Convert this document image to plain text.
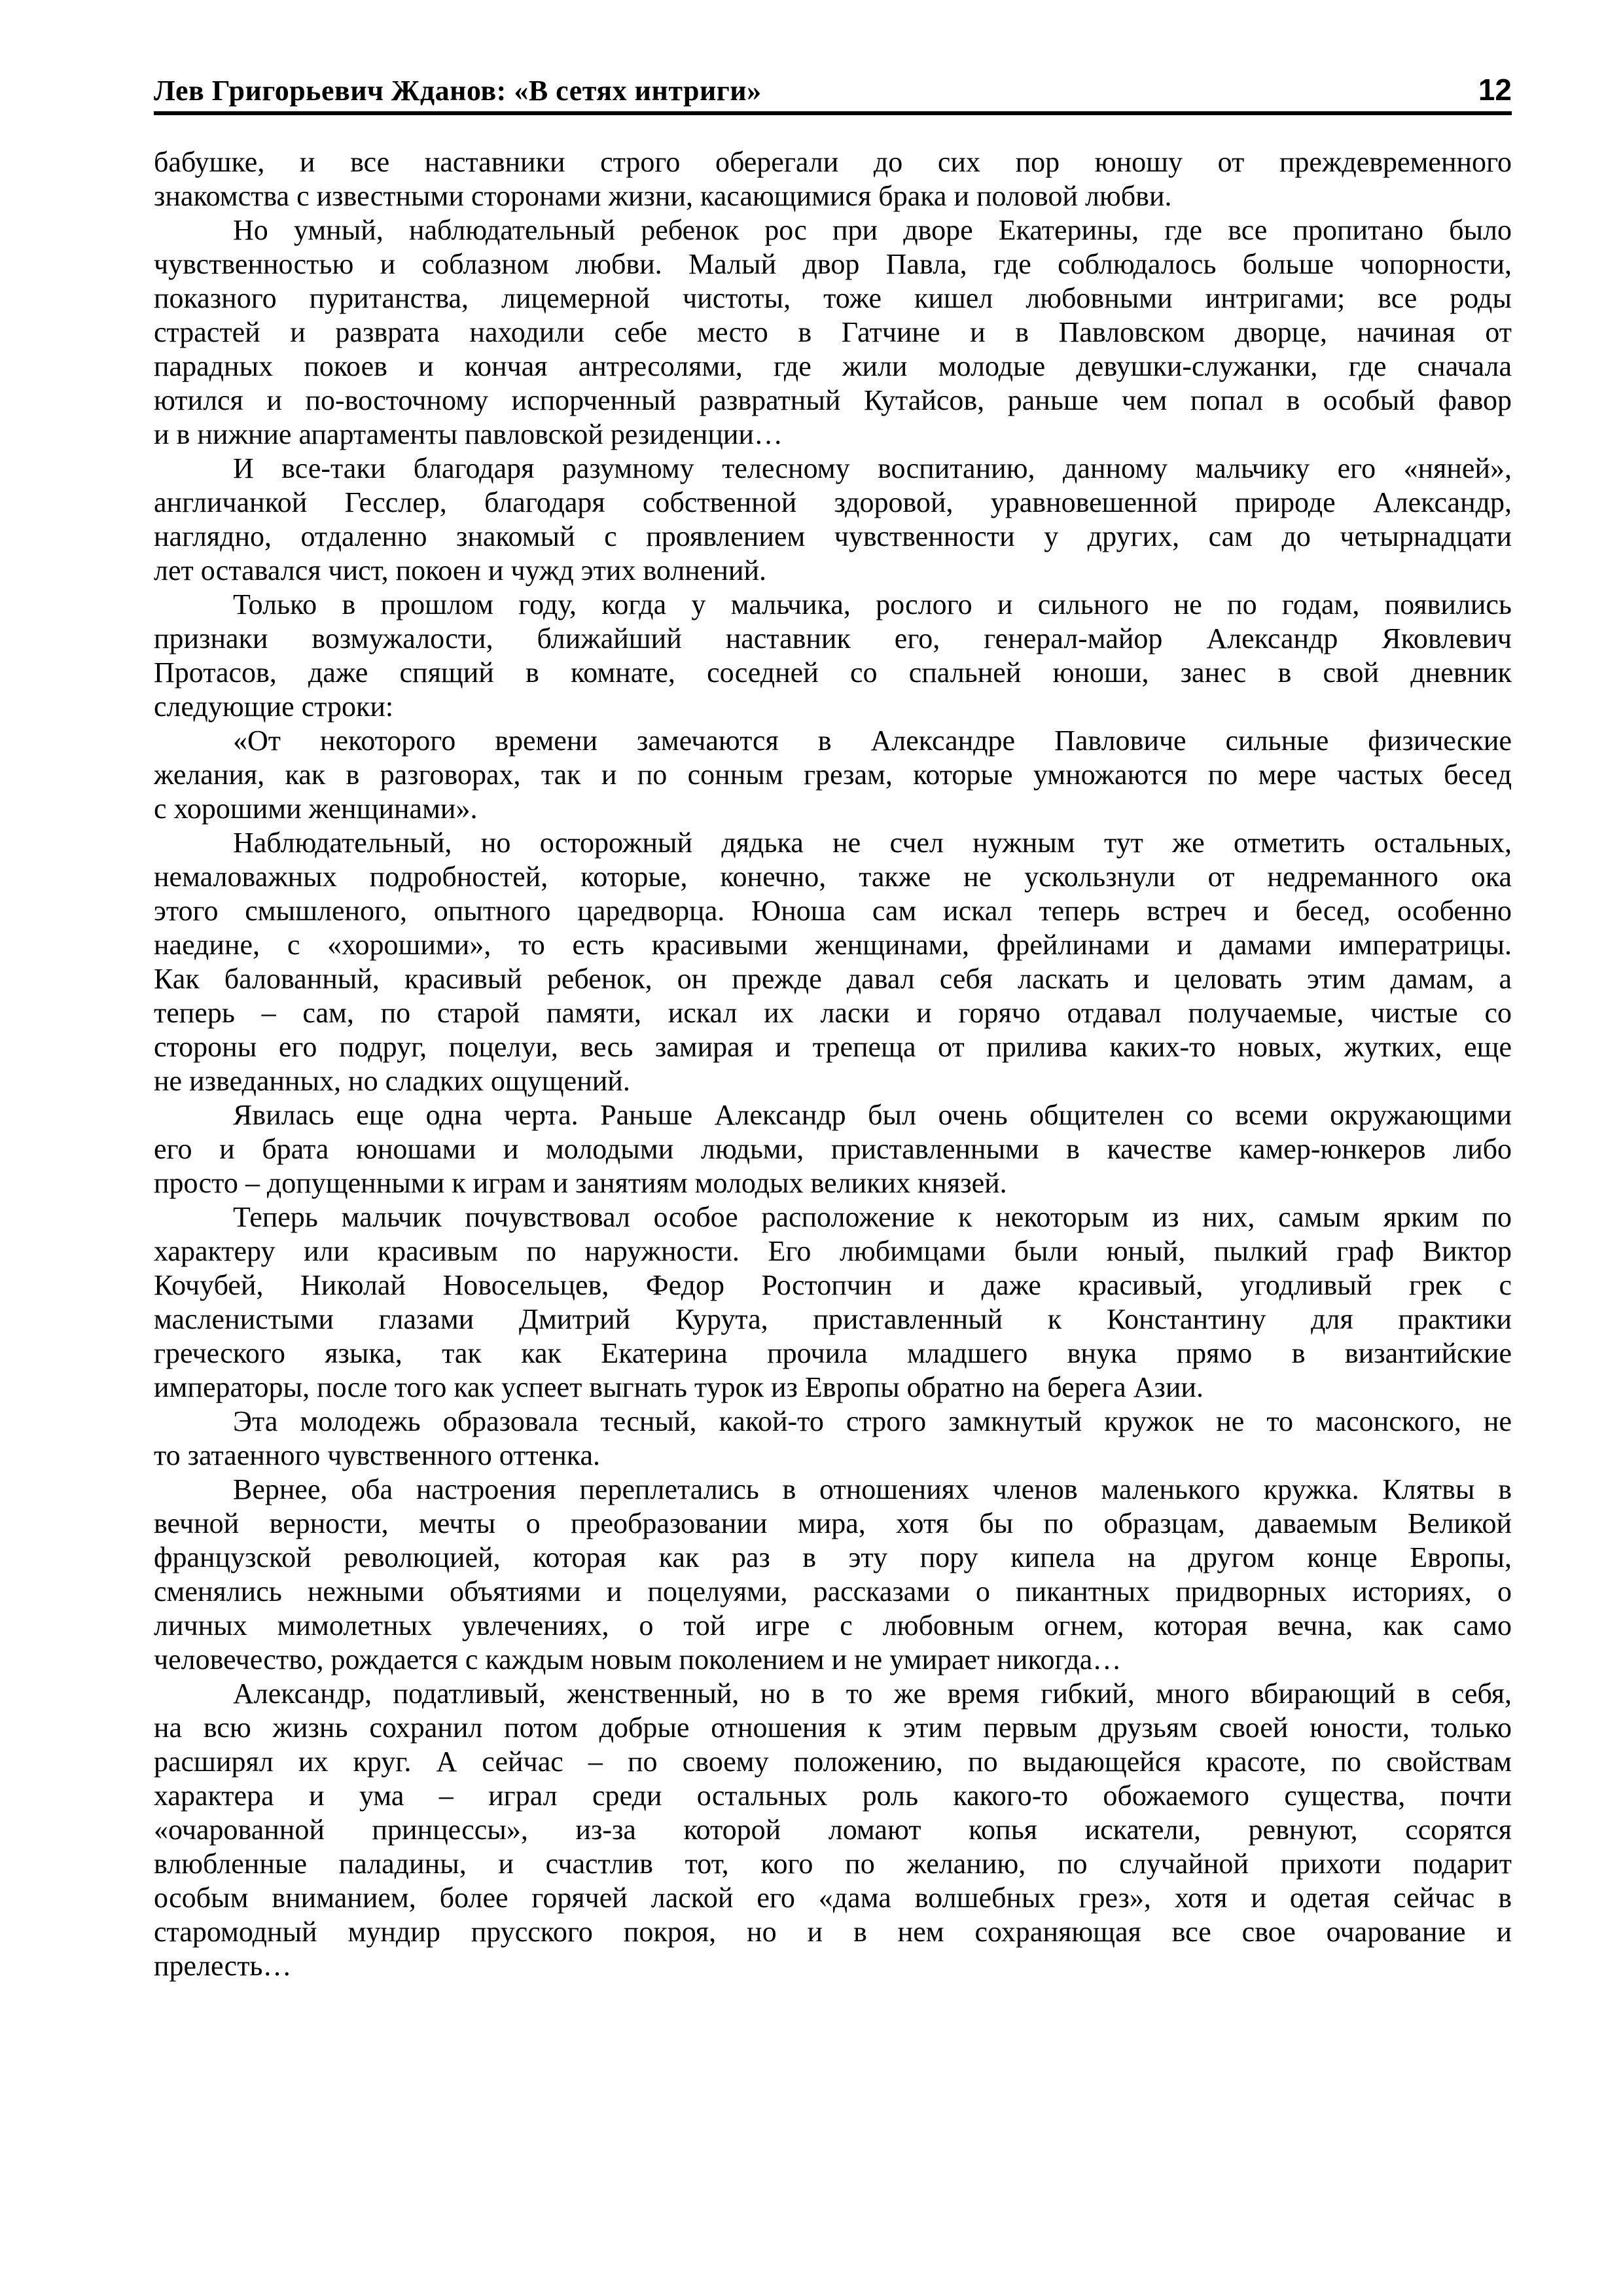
Лев Григорьевич Жданов: «В сетях интриги»	12
бабушке, и все наставники строго оберегали до сих пор юношу от преждевременного
знакомства с известными сторонами жизни, касающимися брака и половой любви.
Но умный, наблюдательный ребенок рос при дворе Екатерины, где все пропитано было
чувственностью и соблазном любви. Малый двор Павла, где соблюдалось больше чопорности,
показного пуританства, лицемерной чистоты, тоже кишел любовными интригами; все роды
страстей и разврата находили себе место в Гатчине и в Павловском дворце, начиная от
парадных покоев и кончая антресолями, где жили молодые девушки-служанки, где сначала
ютился и по-восточному испорченный развратный Кутайсов, раньше чем попал в особый фавор
и в нижние апартаменты павловской резиденции…
И все-таки благодаря разумному телесному воспитанию, данному мальчику его «няней»,
англичанкой Гесслер, благодаря собственной здоровой, уравновешенной природе Александр,
наглядно, отдаленно знакомый с проявлением чувственности у других, сам до четырнадцати
лет оставался чист, покоен и чужд этих волнений.
Только в прошлом году, когда у мальчика, рослого и сильного не по годам, появились
признаки возмужалости, ближайший наставник его, генерал-майор Александр Яковлевич
Протасов, даже спящий в комнате, соседней со спальней юноши, занес в свой дневник
следующие строки:
«От некоторого времени замечаются в Александре Павловиче сильные физические
желания, как в разговорах, так и по сонным грезам, которые умножаются по мере частых бесед
с хорошими женщинами».
Наблюдательный, но осторожный дядька не счел нужным тут же отметить остальных,
немаловажных подробностей, которые, конечно, также не ускользнули от недреманного ока
этого смышленого, опытного царедворца. Юноша сам искал теперь встреч и бесед, особенно
наедине, с «хорошими», то есть красивыми женщинами, фрейлинами и дамами императрицы.
Как балованный, красивый ребенок, он прежде давал себя ласкать и целовать этим дамам, а
теперь – сам, по старой памяти, искал их ласки и горячо отдавал получаемые, чистые со
стороны его подруг, поцелуи, весь замирая и трепеща от прилива каких-то новых, жутких, еще
не изведанных, но сладких ощущений.
Явилась еще одна черта. Раньше Александр был очень общителен со всеми окружающими
его и брата юношами и молодыми людьми, приставленными в качестве камер-юнкеров либо
просто – допущенными к играм и занятиям молодых великих князей.
Теперь мальчик почувствовал особое расположение к некоторым из них, самым ярким по
характеру или красивым по наружности. Его любимцами были юный, пылкий граф Виктор
Кочубей, Николай Новосельцев, Федор Ростопчин и даже красивый, угодливый грек с
масленистыми глазами Дмитрий Курута, приставленный к Константину для практики
греческого языка, так как Екатерина прочила младшего внука прямо в византийские
императоры, после того как успеет выгнать турок из Европы обратно на берега Азии.
Эта молодежь образовала тесный, какой-то строго замкнутый кружок не то масонского, не
то затаенного чувственного оттенка.
Вернее, оба настроения переплетались в отношениях членов маленького кружка. Клятвы в
вечной верности, мечты о преобразовании мира, хотя бы по образцам, даваемым Великой
французской революцией, которая как раз в эту пору кипела на другом конце Европы,
сменялись нежными объятиями и поцелуями, рассказами о пикантных придворных историях, о
личных мимолетных увлечениях, о той игре с любовным огнем, которая вечна, как само
человечество, рождается с каждым новым поколением и не умирает никогда…
Александр, податливый, женственный, но в то же время гибкий, много вбирающий в себя,
на всю жизнь сохранил потом добрые отношения к этим первым друзьям своей юности, только
расширял их круг. А сейчас – по своему положению, по выдающейся красоте, по свойствам
характера и ума – играл среди остальных роль какого-то обожаемого существа, почти
«очарованной принцессы», из-за которой ломают копья искатели, ревнуют, ссорятся
влюбленные паладины, и счастлив тот, кого по желанию, по случайной прихоти подарит
особым вниманием, более горячей лаской его «дама волшебных грез», хотя и одетая сейчас в
старомодный мундир прусского покроя, но и в нем сохраняющая все свое очарование и
прелесть…
